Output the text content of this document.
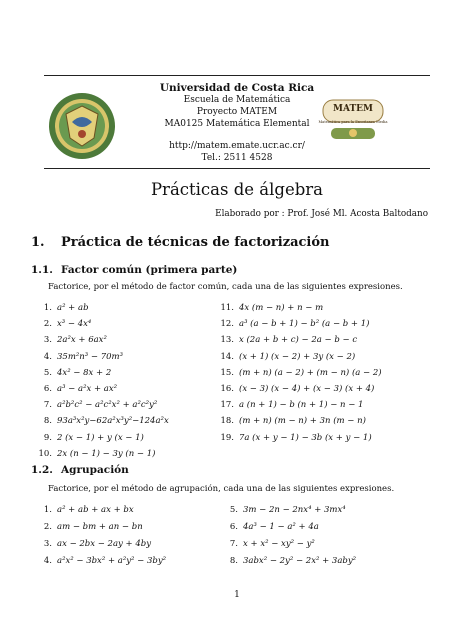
Universidad de Costa Rica
Escuela de Matemática
Proyecto MATEM
MA0125 Matemática Elemental
http://matem.emate.ucr.ac.cr/
Tel.: 2511 4528
MATEM
Matemática para la Enseñanza Media
Prácticas de álgebra
Elaborado por : Prof. José Ml. Acosta Baltodano
1. Práctica de técnicas de factorización
1.1. Factor común (primera parte)
Factorice, por el método de factor común, cada una de las siguientes expresiones.
1. a² + ab
2. x³ − 4x⁴
3. 2a²x + 6ax²
4. 35m²n³ − 70m³
5. 4x² − 8x + 2
6. a³ − a²x + ax²
7. a²b²c² − a²c²x² + a²c²y²
8. 93a³x²y−62a²x³y²−124a²x
9. 2 (x − 1) + y (x − 1)
10. 2x (n − 1) − 3y (n − 1)
11. 4x (m − n) + n − m
12. a³ (a − b + 1) − b² (a − b + 1)
13. x (2a + b + c) − 2a − b − c
14. (x + 1) (x − 2) + 3y (x − 2)
15. (m + n) (a − 2) + (m − n) (a − 2)
16. (x − 3) (x − 4) + (x − 3) (x + 4)
17. a (n + 1) − b (n + 1) − n − 1
18. (m + n) (m − n) + 3n (m − n)
19. 7a (x + y − 1) − 3b (x + y − 1)
1.2. Agrupación
Factorice, por el método de agrupación, cada una de las siguientes expresiones.
1. a² + ab + ax + bx
2. am − bm + an − bn
3. ax − 2bx − 2ay + 4by
4. a²x² − 3bx² + a²y² − 3by²
5. 3m − 2n − 2nx⁴ + 3mx⁴
6. 4a³ − 1 − a² + 4a
7. x + x² − xy² − y²
8. 3abx² − 2y² − 2x² + 3aby²
1
